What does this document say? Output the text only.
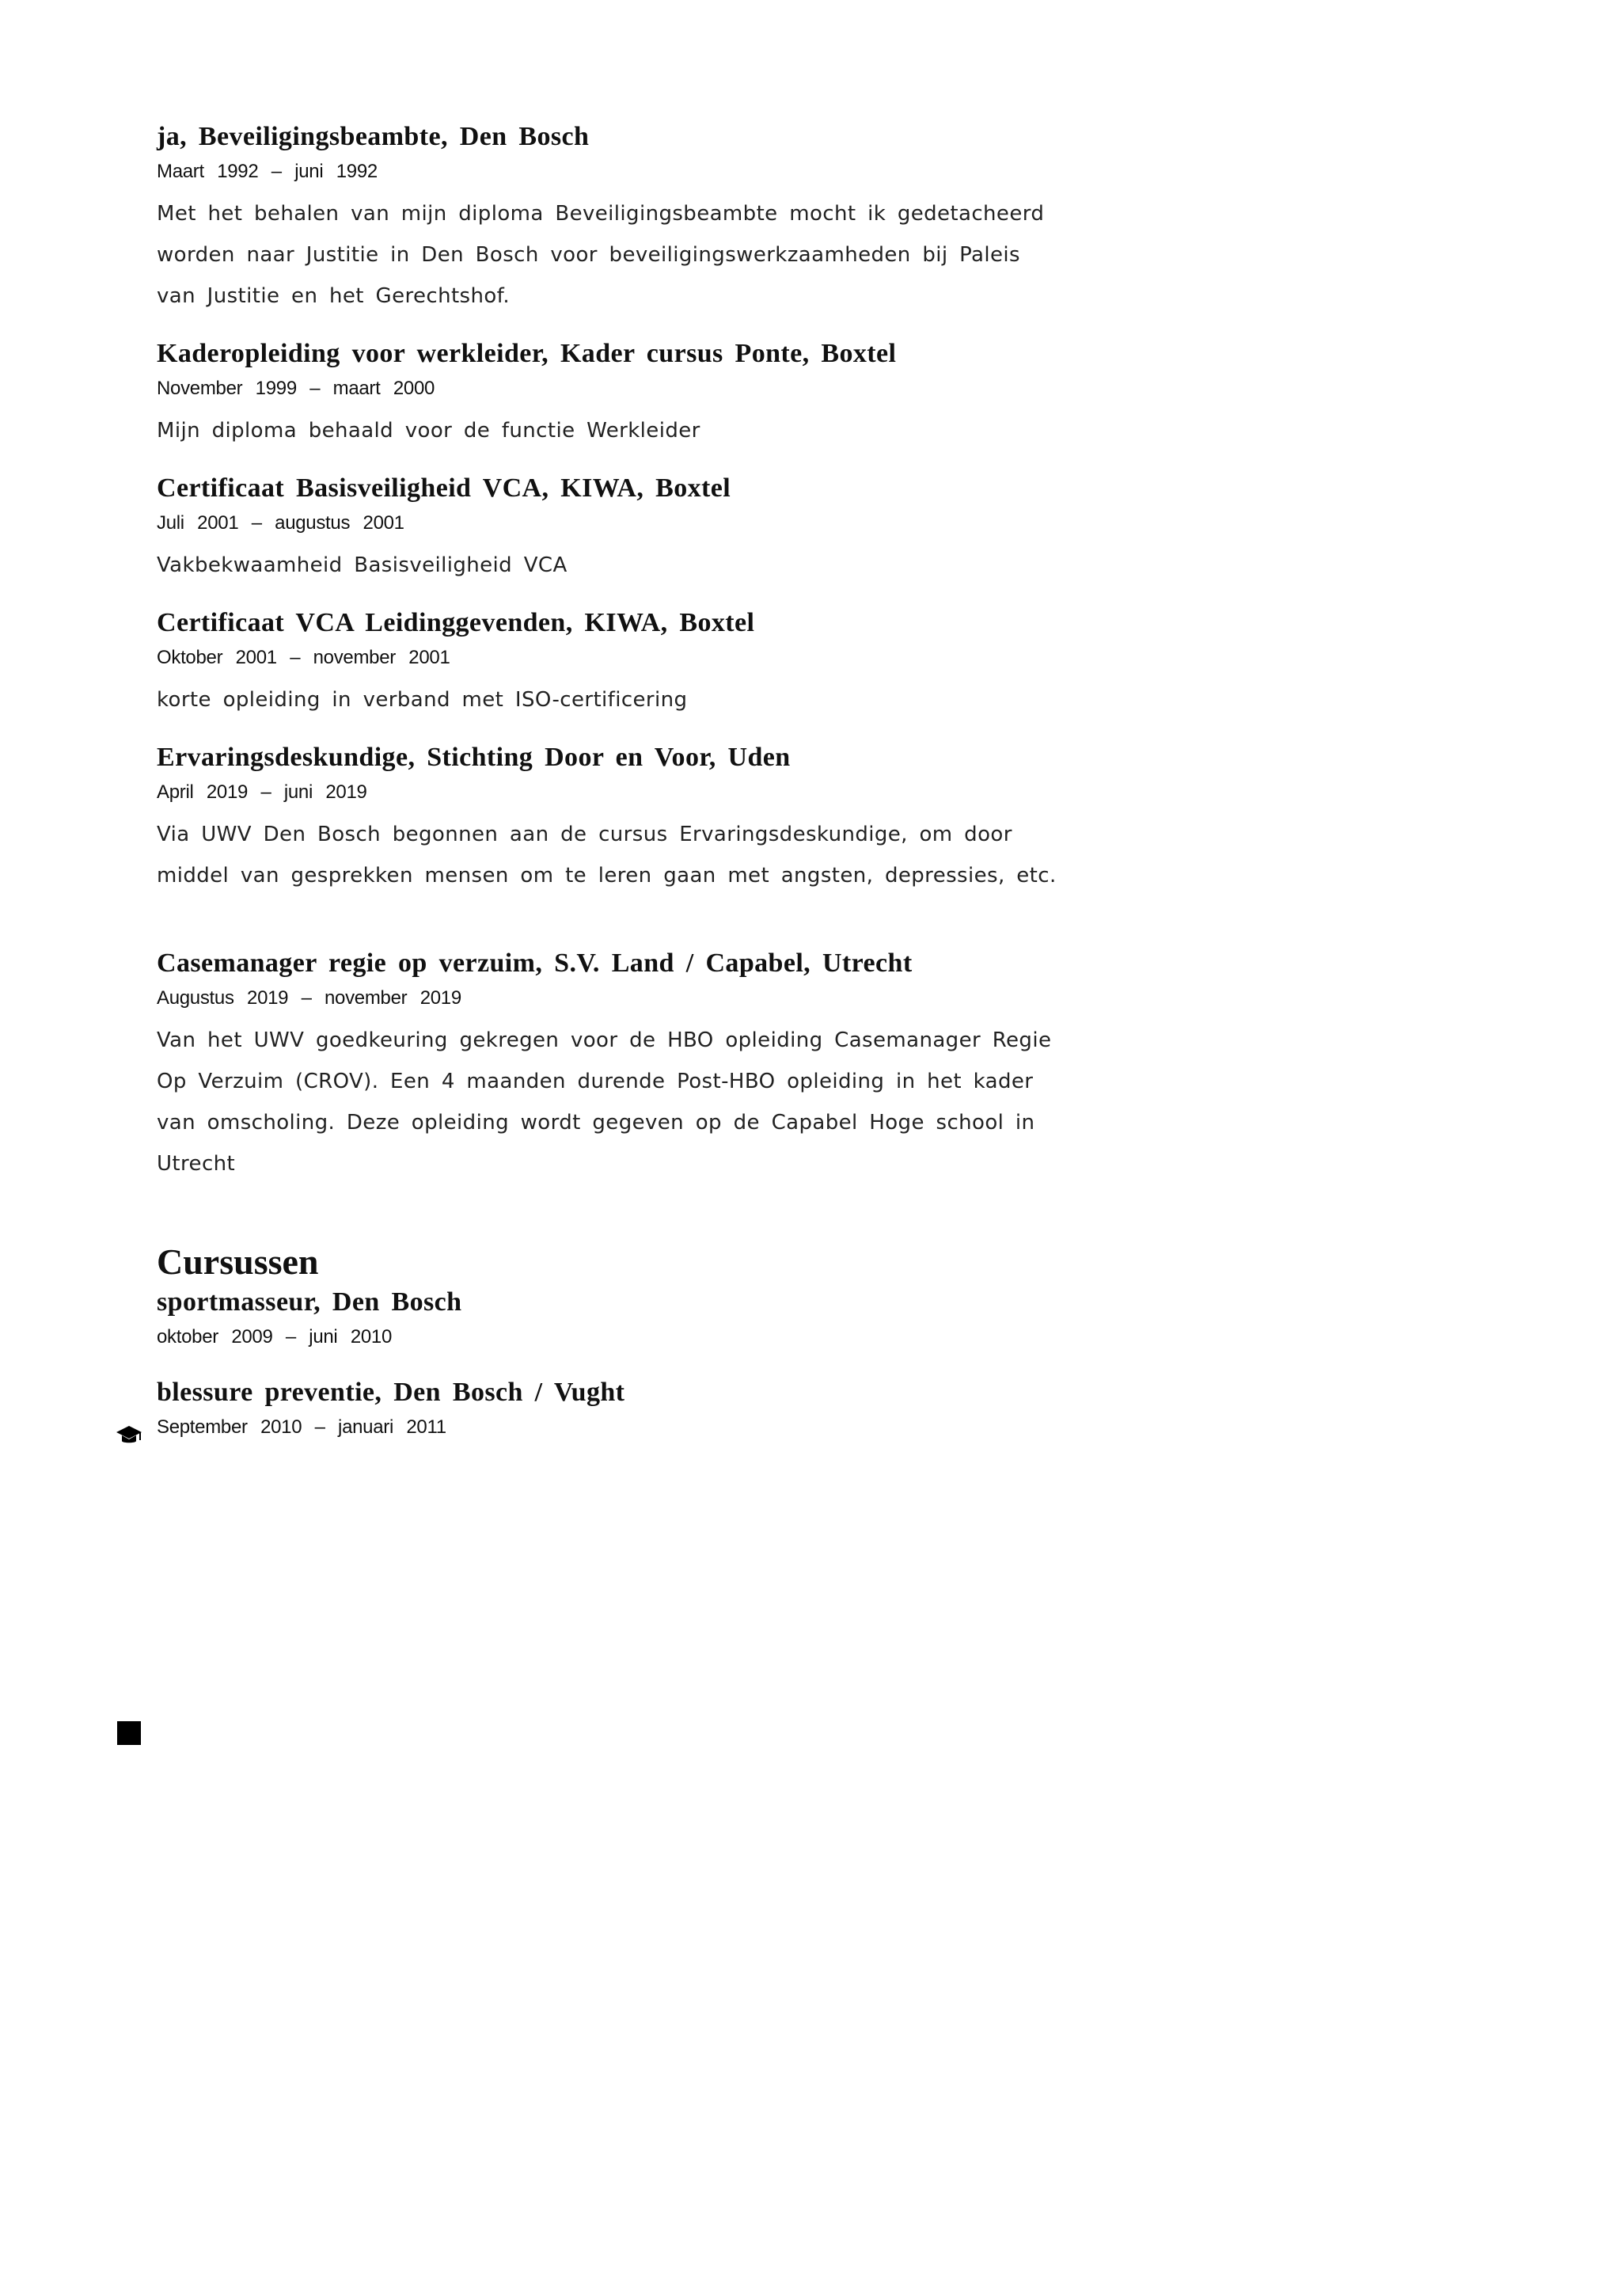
ja, Beveiligingsbeambte, Den Bosch

Maart 1992 – juni 1992

Met het behalen van mijn diploma Beveiligingsbeambte mocht ik gedetacheerd worden naar Justitie in Den Bosch voor beveiligingswerkzaamheden bij Paleis van Justitie en het Gerechtshof.

Kaderopleiding voor werkleider, Kader cursus Ponte, Boxtel

November 1999 – maart 2000

Mijn diploma behaald voor de functie Werkleider

Certificaat Basisveiligheid VCA, KIWA, Boxtel

Juli 2001 – augustus 2001

Vakbekwaamheid Basisveiligheid VCA

Certificaat VCA Leidinggevenden, KIWA, Boxtel

Oktober 2001 – november 2001

korte opleiding in verband met ISO-certificering

Ervaringsdeskundige, Stichting Door en Voor, Uden

April 2019 – juni 2019

Via UWV Den Bosch begonnen aan de cursus Ervaringsdeskundige, om door middel van gesprekken mensen om te leren gaan met angsten, depressies, etc.

Casemanager regie op verzuim, S.V. Land / Capabel, Utrecht

Augustus 2019 – november 2019

Van het UWV goedkeuring gekregen voor de HBO opleiding Casemanager Regie Op Verzuim (CROV). Een 4 maanden durende Post-HBO opleiding in het kader van omscholing. Deze opleiding wordt gegeven op de Capabel Hoge school in Utrecht

Cursussen

sportmasseur, Den Bosch

oktober 2009 – juni 2010

blessure preventie, Den Bosch / Vught

September 2010 – januari 2011
